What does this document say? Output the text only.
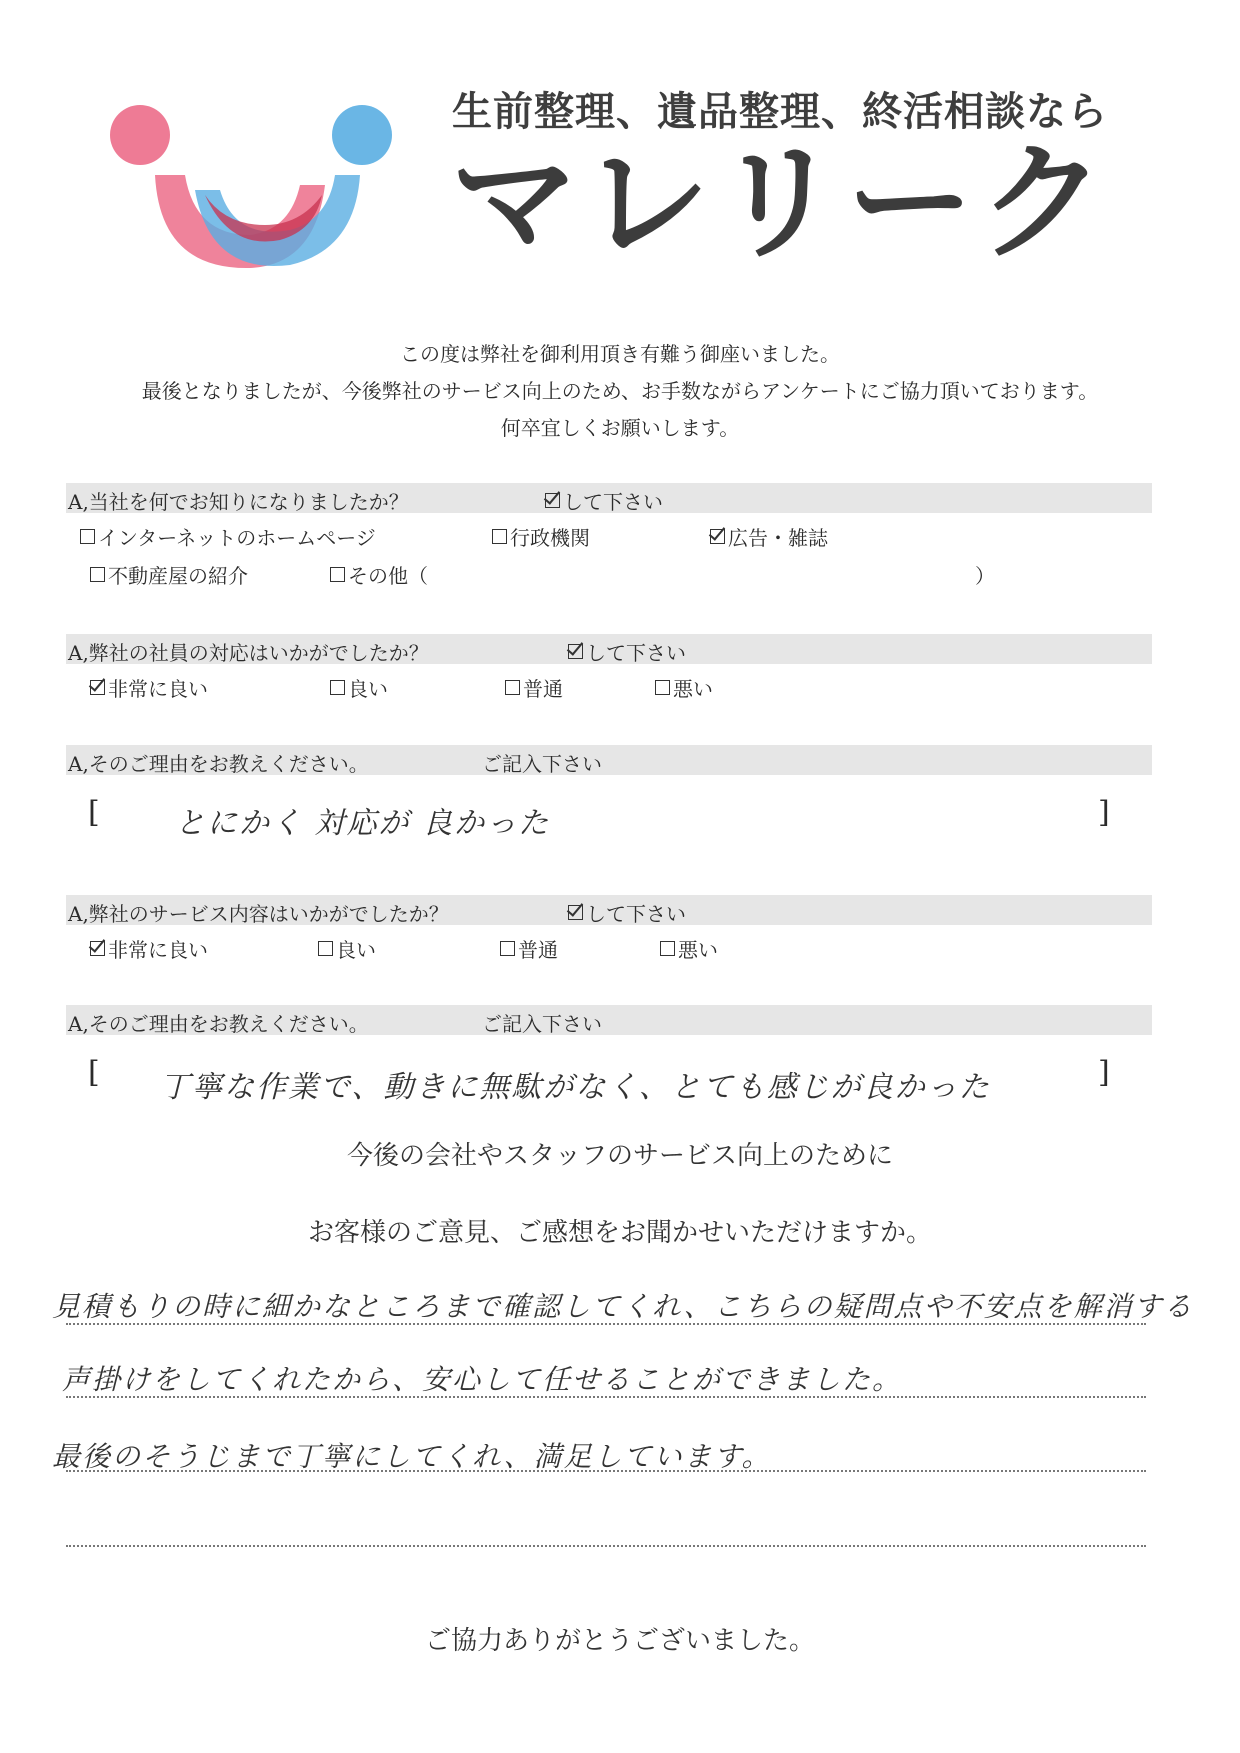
生前整理、遺品整理、終活相談なら
マレリーク
この度は弊社を御利用頂き有難う御座いました。
最後となりましたが、今後弊社のサービス向上のため、お手数ながらアンケートにご協力頂いております。
何卒宜しくお願いします。
A,当社を何でお知りになりましたか？	して下さい
インターネットのホームページ	行政機関	広告・雑誌
不動産屋の紹介	その他（	）
A,弊社の社員の対応はいかがでしたか？	して下さい
非常に良い	良い	普通	悪い
A,そのご理由をお教えください。	ご記入下さい
[	とにかく 対応が 良かった	]
A,弊社のサービス内容はいかがでしたか？	して下さい
非常に良い	良い	普通	悪い
A,そのご理由をお教えください。	ご記入下さい
[ 丁寧な作業で、動きに無駄がなく、とても感じが良かった	]
今後の会社やスタッフのサービス向上のために
お客様のご意見、ご感想をお聞かせいただけますか。
見積もりの時に細かなところまで確認してくれ、こちらの疑問点や不安点を解消する
声掛けをしてくれたから、安心して任せることができました。
最後のそうじまで丁寧にしてくれ、満足しています。
ご協力ありがとうございました。
